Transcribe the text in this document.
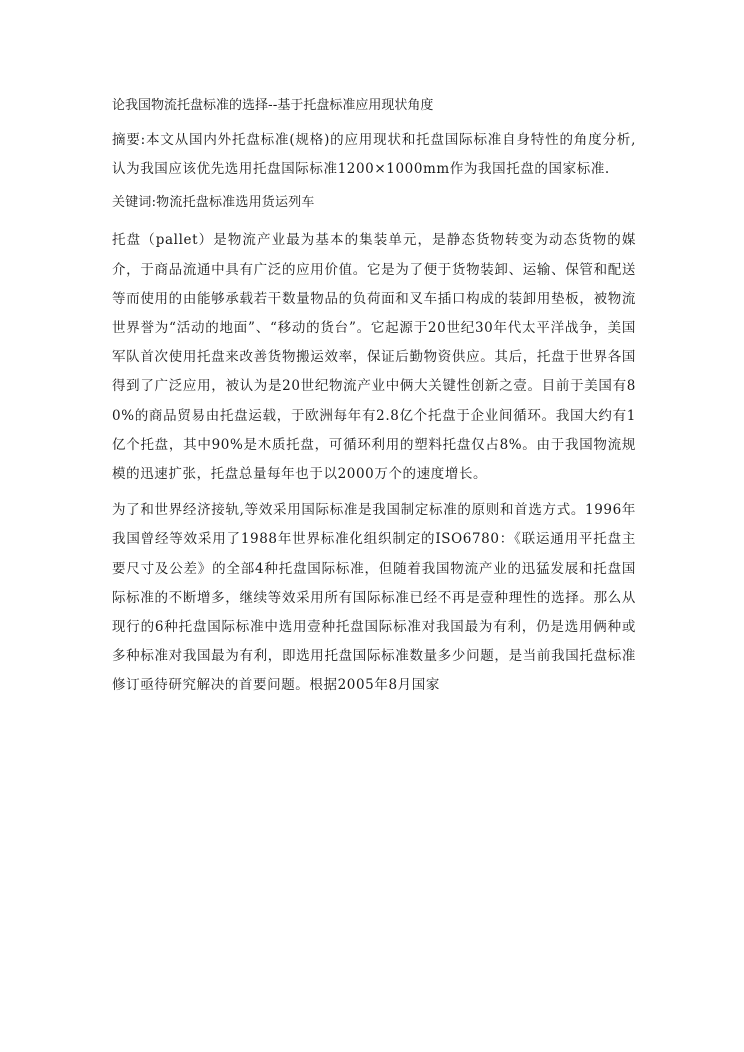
论我国物流托盘标准的选择--基于托盘标准应用现状角度
摘要:本文从国内外托盘标准(规格)的应用现状和托盘国际标准自身特性的角度分析,认为我国应该优先选用托盘国际标准1200×1000mm作为我国托盘的国家标准.
关键词:物流托盘标准选用货运列车
托盘（pallet）是物流产业最为基本的集装单元，是静态货物转变为动态货物的媒介，于商品流通中具有广泛的应用价值。它是为了便于货物装卸、运输、保管和配送等而使用的由能够承载若干数量物品的负荷面和叉车插口构成的装卸用垫板，被物流世界誉为“活动的地面”、“移动的货台”。它起源于20世纪30年代太平洋战争，美国军队首次使用托盘来改善货物搬运效率，保证后勤物资供应。其后，托盘于世界各国得到了广泛应用，被认为是20世纪物流产业中俩大关键性创新之壹。目前于美国有80%的商品贸易由托盘运载，于欧洲每年有2.8亿个托盘于企业间循环。我国大约有1亿个托盘，其中90%是木质托盘，可循环利用的塑料托盘仅占8%。由于我国物流规模的迅速扩张，托盘总量每年也于以2000万个的速度增长。
为了和世界经济接轨,等效采用国际标准是我国制定标准的原则和首选方式。1996年我国曾经等效采用了1988年世界标准化组织制定的ISO6780：《联运通用平托盘主要尺寸及公差》的全部4种托盘国际标准，但随着我国物流产业的迅猛发展和托盘国际标准的不断增多，继续等效采用所有国际标准已经不再是壹种理性的选择。那么从现行的6种托盘国际标准中选用壹种托盘国际标准对我国最为有利，仍是选用俩种或多种标准对我国最为有利，即选用托盘国际标准数量多少问题，是当前我国托盘标准修订亟待研究解决的首要问题。根据2005年8月国家
